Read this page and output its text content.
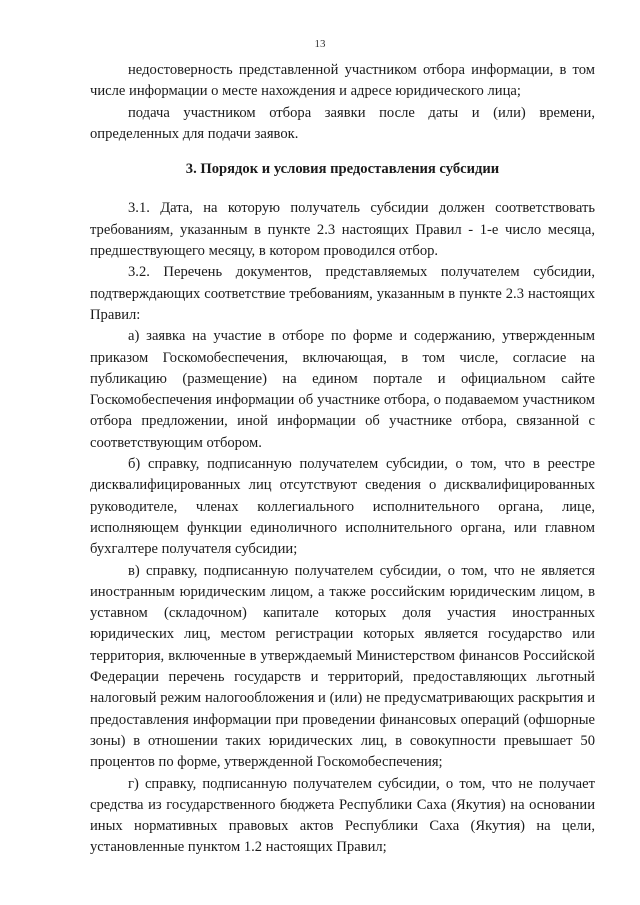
13

недостоверность представленной участником отбора информации, в том числе информации о месте нахождения и адресе юридического лица;

подача участником отбора заявки после даты и (или) времени, определенных для подачи заявок.

3. Порядок и условия предоставления субсидии

3.1. Дата, на которую получатель субсидии должен соответствовать требованиям, указанным в пункте 2.3 настоящих Правил - 1-е число месяца, предшествующего месяцу, в котором проводился отбор.

3.2. Перечень документов, представляемых получателем субсидии, подтверждающих соответствие требованиям, указанным в пункте 2.3 настоящих Правил:

а) заявка на участие в отборе по форме и содержанию, утвержденным приказом Госкомобеспечения, включающая, в том числе, согласие на публикацию (размещение) на едином портале и официальном сайте Госкомобеспечения информации об участнике отбора, о подаваемом участником отбора предложении, иной информации об участнике отбора, связанной с соответствующим отбором.

б) справку, подписанную получателем субсидии, о том, что в реестре дисквалифицированных лиц отсутствуют сведения о дисквалифицированных руководителе, членах коллегиального исполнительного органа, лице, исполняющем функции единоличного исполнительного органа, или главном бухгалтере получателя субсидии;

в) справку, подписанную получателем субсидии, о том, что не является иностранным юридическим лицом, а также российским юридическим лицом, в уставном (складочном) капитале которых доля участия иностранных юридических лиц, местом регистрации которых является государство или территория, включенные в утверждаемый Министерством финансов Российской Федерации перечень государств и территорий, предоставляющих льготный налоговый режим налогообложения и (или) не предусматривающих раскрытия и предоставления информации при проведении финансовых операций (офшорные зоны) в отношении таких юридических лиц, в совокупности превышает 50 процентов по форме, утвержденной Госкомобеспечения;

г) справку, подписанную получателем субсидии, о том, что не получает средства из государственного бюджета Республики Саха (Якутия) на основании иных нормативных правовых актов Республики Саха (Якутия) на цели, установленные пунктом 1.2 настоящих Правил;
